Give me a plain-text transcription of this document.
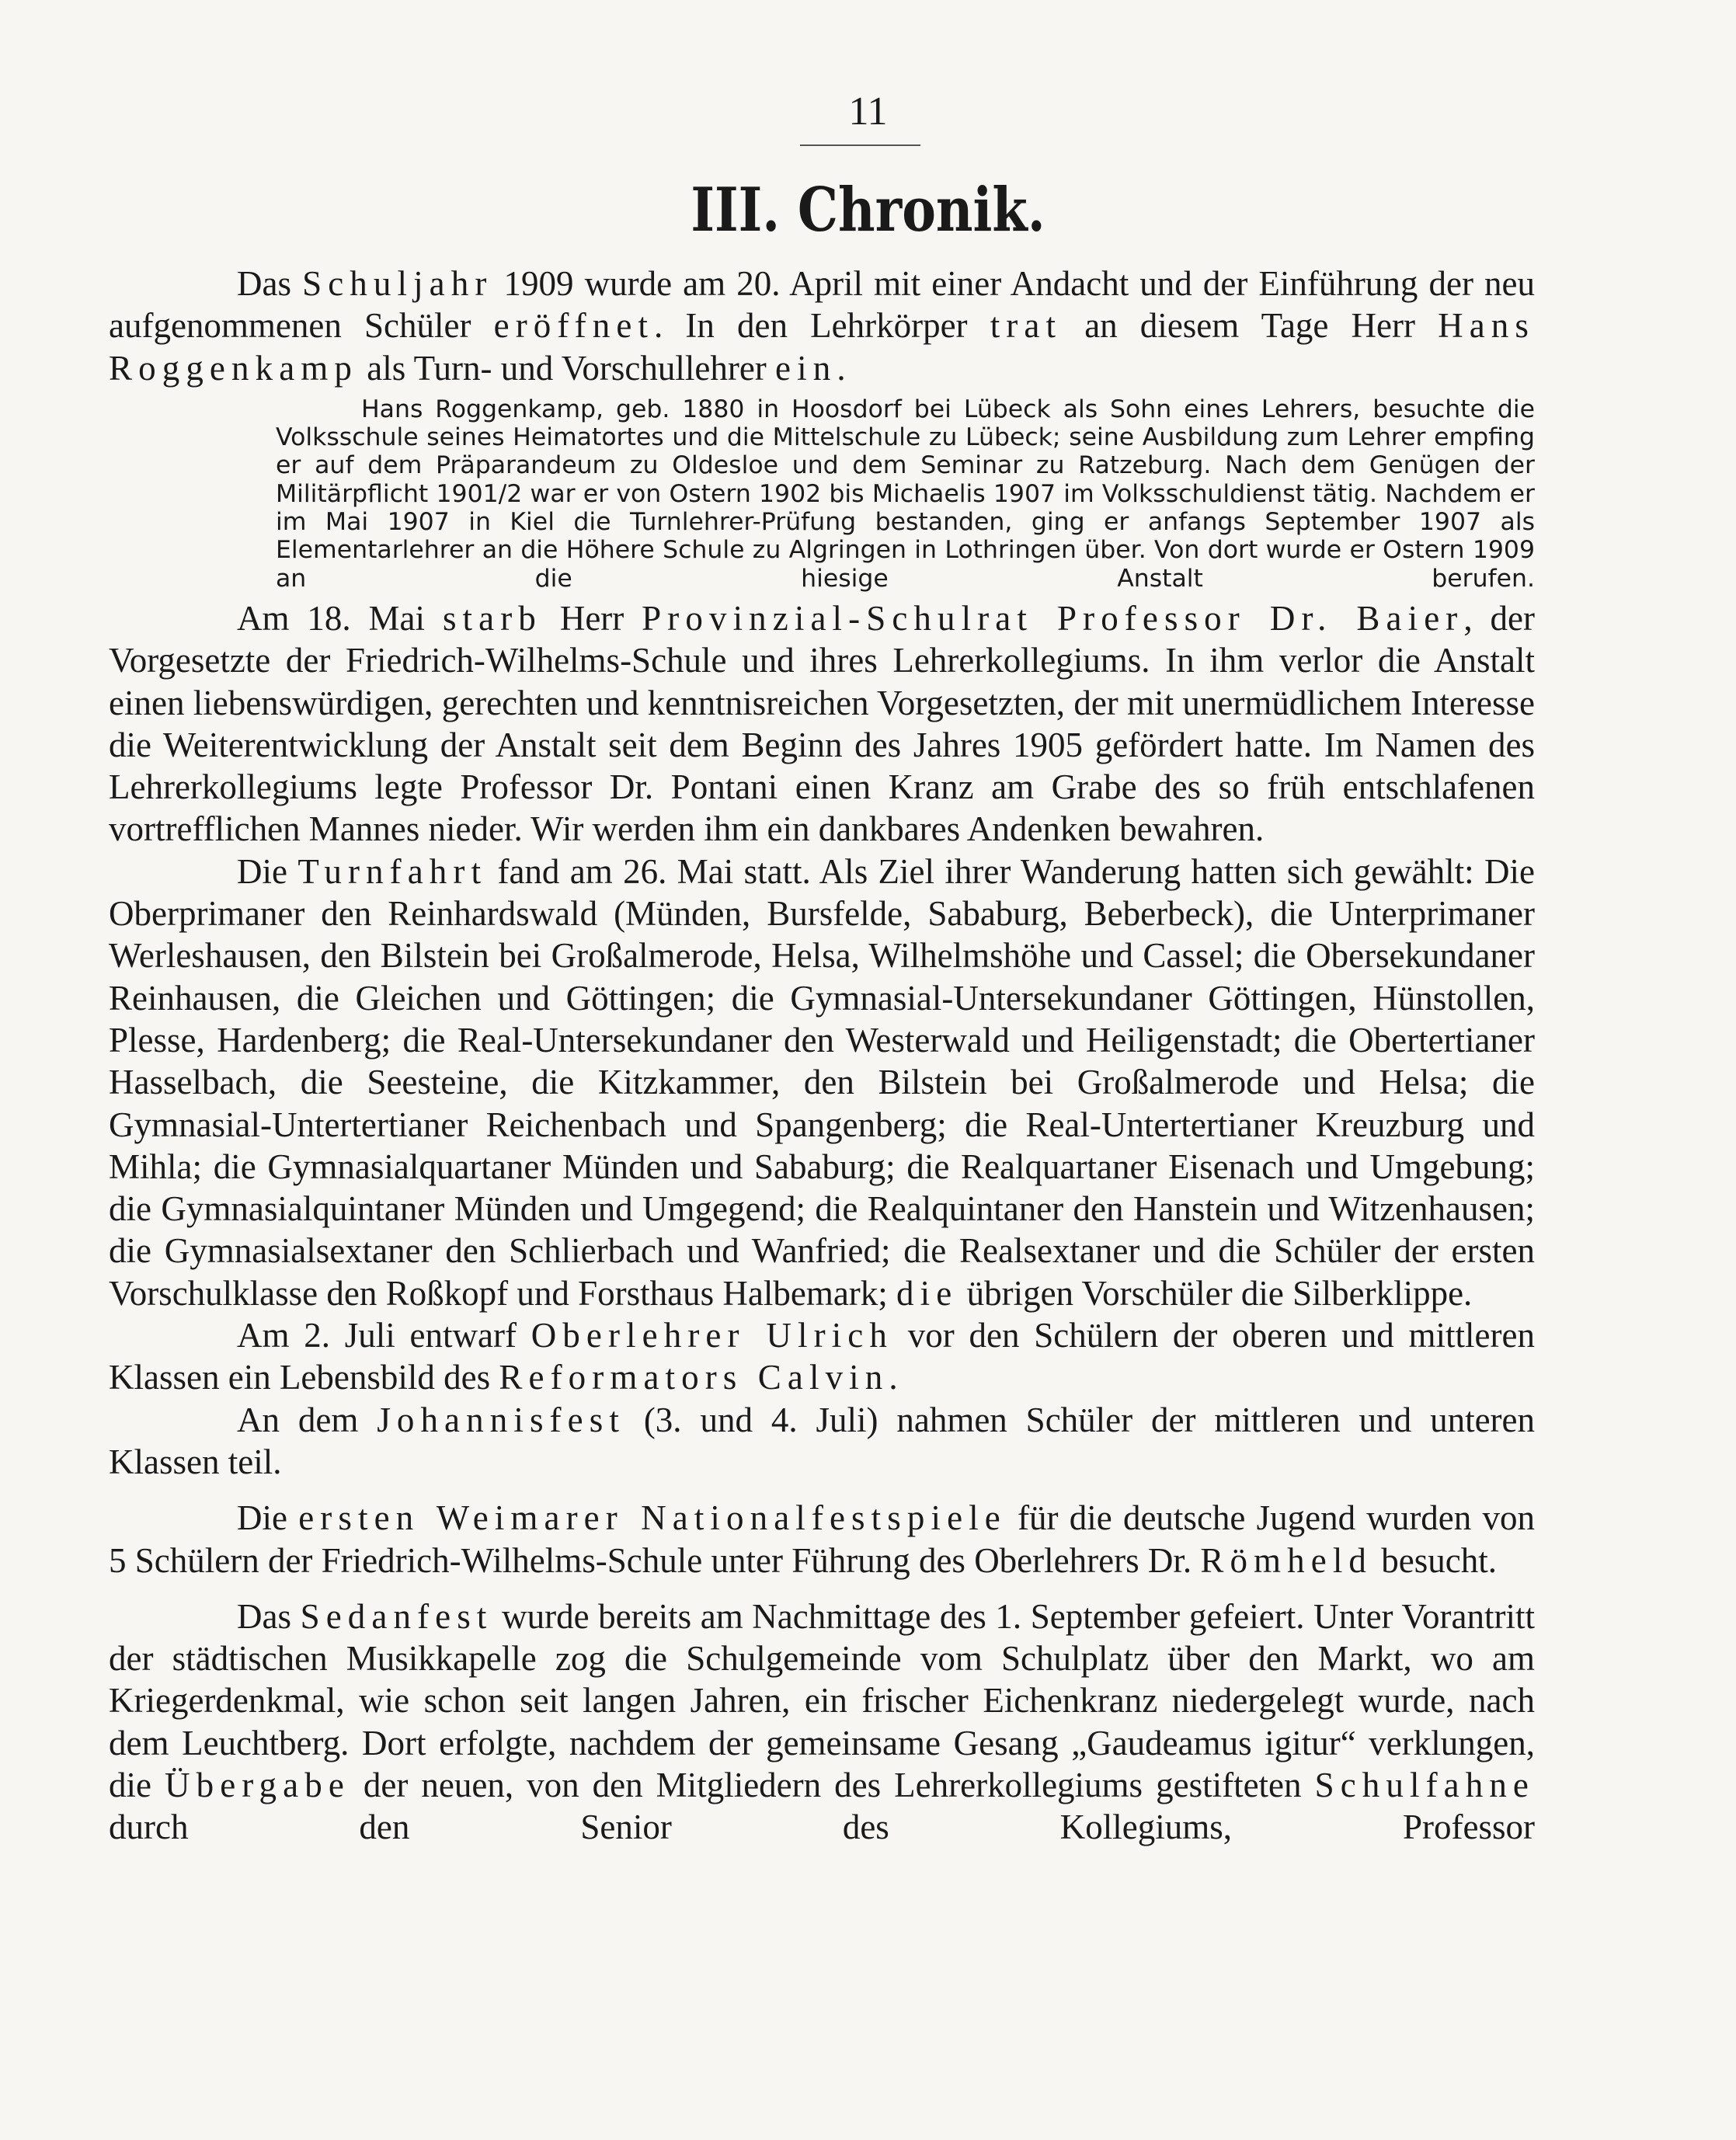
11
III. Chronik.

Das Schuljahr 1909 wurde am 20. April mit einer Andacht und der Einführung der neu aufgenommenen Schüler eröffnet. In den Lehrkörper trat an diesem Tage Herr Hans Roggenkamp als Turn- und Vorschullehrer ein.

Hans Roggenkamp, geb. 1880 in Hoosdorf bei Lübeck als Sohn eines Lehrers, besuchte die Volksschule seines Heimatortes und die Mittelschule zu Lübeck; seine Ausbildung zum Lehrer empfing er auf dem Präparandeum zu Oldesloe und dem Seminar zu Ratzeburg. Nach dem Genügen der Militärpflicht 1901/2 war er von Ostern 1902 bis Michaelis 1907 im Volksschuldienst tätig. Nachdem er im Mai 1907 in Kiel die Turnlehrer-Prüfung bestanden, ging er anfangs September 1907 als Elementarlehrer an die Höhere Schule zu Algringen in Lothringen über. Von dort wurde er Ostern 1909 an die hiesige Anstalt berufen.

Am 18. Mai starb Herr Provinzial-Schulrat Professor Dr. Baier, der Vorgesetzte der Friedrich-Wilhelms-Schule und ihres Lehrerkollegiums. In ihm verlor die Anstalt einen liebenswürdigen, gerechten und kenntnisreichen Vorgesetzten, der mit unermüdlichem Interesse die Weiterentwicklung der Anstalt seit dem Beginn des Jahres 1905 gefördert hatte. Im Namen des Lehrerkollegiums legte Professor Dr. Pontani einen Kranz am Grabe des so früh entschlafenen vortrefflichen Mannes nieder. Wir werden ihm ein dankbares Andenken bewahren.

Die Turnfahrt fand am 26. Mai statt. Als Ziel ihrer Wanderung hatten sich gewählt: Die Oberprimaner den Reinhardswald (Münden, Bursfelde, Sababurg, Beberbeck), die Unterprimaner Werleshausen, den Bilstein bei Großalmerode, Helsa, Wilhelmshöhe und Cassel; die Obersekundaner Reinhausen, die Gleichen und Göttingen; die Gymnasial-Untersekundaner Göttingen, Hünstollen, Plesse, Hardenberg; die Real-Untersekundaner den Westerwald und Heiligenstadt; die Obertertianer Hasselbach, die Seesteine, die Kitzkammer, den Bilstein bei Großalmerode und Helsa; die Gymnasial-Untertertianer Reichenbach und Spangenberg; die Real-Untertertianer Kreuzburg und Mihla; die Gymnasialquartaner Münden und Sababurg; die Realquartaner Eisenach und Umgebung; die Gymnasialquintaner Münden und Umgegend; die Realquintaner den Hanstein und Witzenhausen; die Gymnasialsextaner den Schlierbach und Wanfried; die Realsextaner und die Schüler der ersten Vorschulklasse den Roßkopf und Forsthaus Halbemark; die übrigen Vorschüler die Silberklippe.

Am 2. Juli entwarf Oberlehrer Ulrich vor den Schülern der oberen und mittleren Klassen ein Lebensbild des Reformators Calvin.

An dem Johannisfest (3. und 4. Juli) nahmen Schüler der mittleren und unteren Klassen teil.

Die ersten Weimarer Nationalfestspiele für die deutsche Jugend wurden von 5 Schülern der Friedrich-Wilhelms-Schule unter Führung des Oberlehrers Dr. Römheld besucht.

Das Sedanfest wurde bereits am Nachmittage des 1. September gefeiert. Unter Vorantritt der städtischen Musikkapelle zog die Schulgemeinde vom Schulplatz über den Markt, wo am Kriegerdenkmal, wie schon seit langen Jahren, ein frischer Eichenkranz niedergelegt wurde, nach dem Leuchtberg. Dort erfolgte, nachdem der gemeinsame Gesang „Gaudeamus igitur“ verklungen, die Übergabe der neuen, von den Mitgliedern des Lehrerkollegiums gestifteten Schulfahne durch den Senior des Kollegiums, Professor
